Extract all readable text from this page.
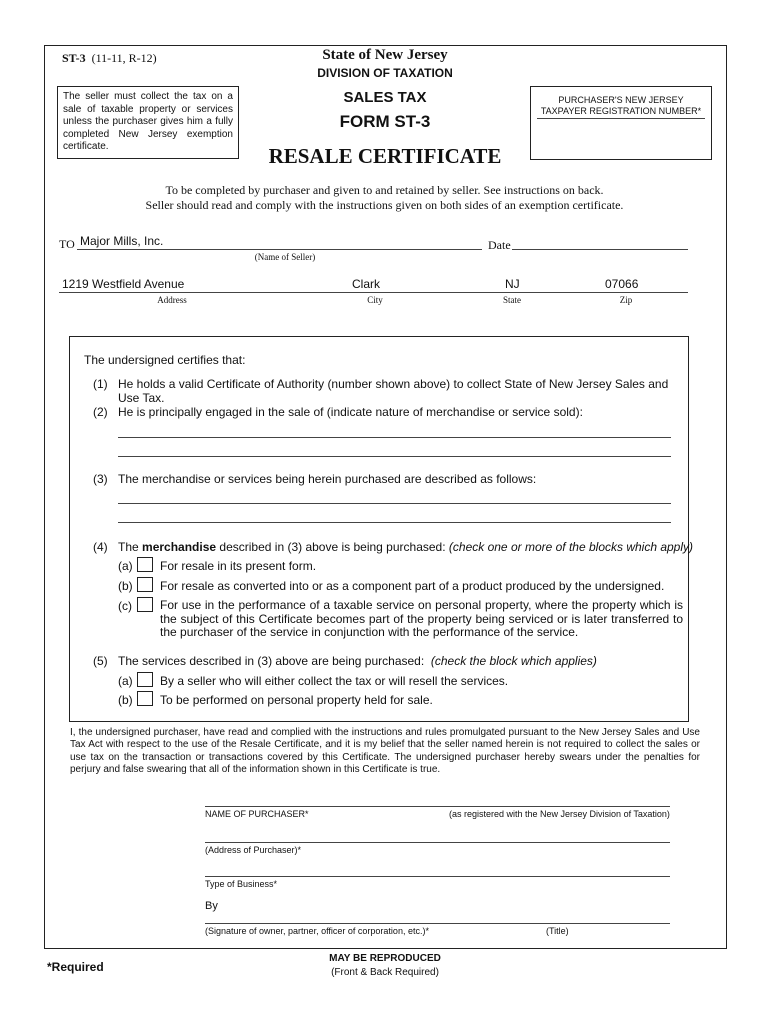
ST-3 (11-11, R-12)	State of New Jersey
DIVISION OF TAXATION
SALES TAX
FORM ST-3
RESALE CERTIFICATE
The seller must collect the tax on a sale of taxable property or services unless the purchaser gives him a fully completed New Jersey exemption certificate.
PURCHASER'S NEW JERSEY
TAXPAYER REGISTRATION NUMBER*
To be completed by purchaser and given to and retained by seller. See instructions on back.
Seller should read and comply with the instructions given on both sides of an exemption certificate.
TO Major Mills, Inc.
(Name of Seller)
Date
1219 Westfield Avenue	Clark	NJ	07066
Address	City	State	Zip
The undersigned certifies that:
(1) He holds a valid Certificate of Authority (number shown above) to collect State of New Jersey Sales and Use Tax.
(2) He is principally engaged in the sale of (indicate nature of merchandise or service sold):
(3) The merchandise or services being herein purchased are described as follows:
(4) The merchandise described in (3) above is being purchased: (check one or more of the blocks which apply)
(a) For resale in its present form.
(b) For resale as converted into or as a component part of a product produced by the undersigned.
(c) For use in the performance of a taxable service on personal property, where the property which is the subject of this Certificate becomes part of the property being serviced or is later transferred to the purchaser of the service in conjunction with the performance of the service.
(5) The services described in (3) above are being purchased: (check the block which applies)
(a) By a seller who will either collect the tax or will resell the services.
(b) To be performed on personal property held for sale.
I, the undersigned purchaser, have read and complied with the instructions and rules promulgated pursuant to the New Jersey Sales and Use Tax Act with respect to the use of the Resale Certificate, and it is my belief that the seller named herein is not required to collect the sales or use tax on the transaction or transactions covered by this Certificate. The undersigned purchaser hereby swears under the penalties for perjury and false swearing that all of the information shown in this Certificate is true.
NAME OF PURCHASER*	(as registered with the New Jersey Division of Taxation)
(Address of Purchaser)*
Type of Business*
By
(Signature of owner, partner, officer of corporation, etc.)*	(Title)
*Required
MAY BE REPRODUCED
(Front & Back Required)
